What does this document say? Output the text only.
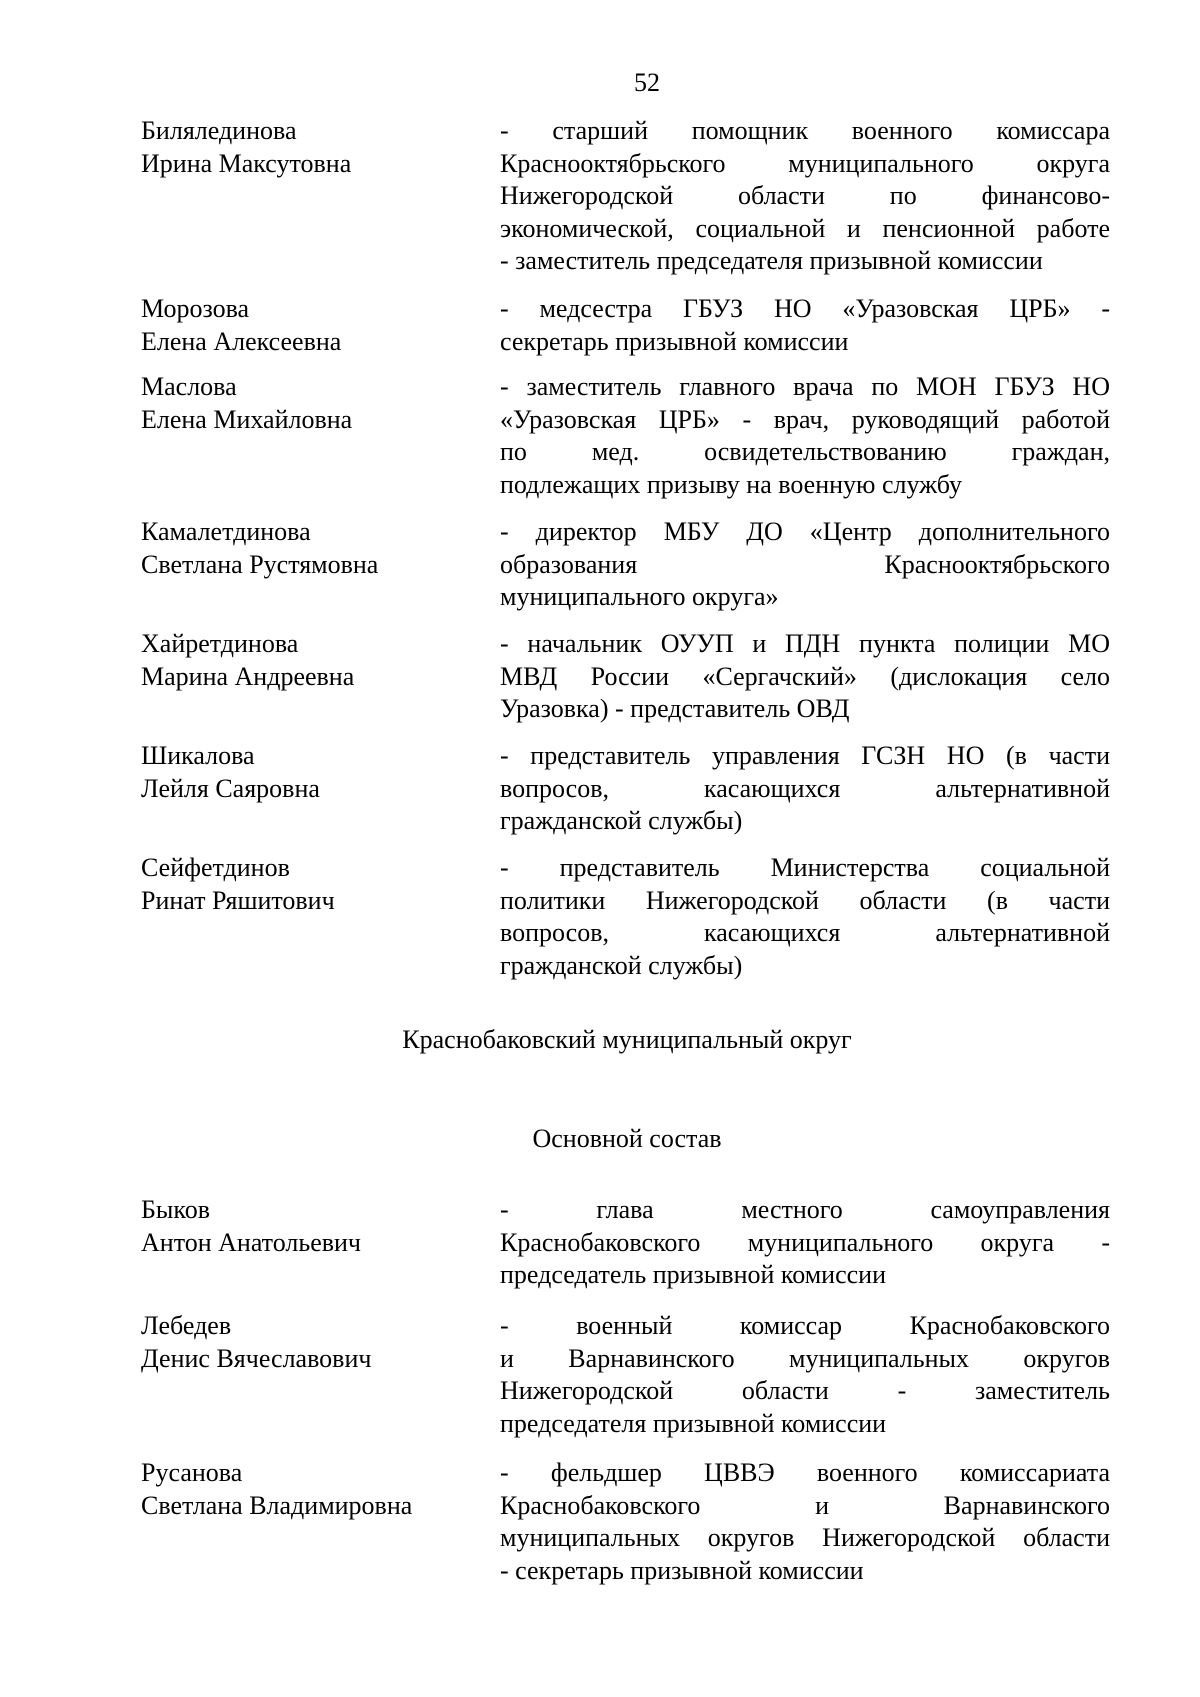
52
Билялединова
Ирина Максутовна
- старший помощник военного комиссара
Краснооктябрьского муниципального округа
Нижегородской области по финансово-
экономической, социальной и пенсионной работе
- заместитель председателя призывной комиссии
Морозова
Елена Алексеевна
- медсестра ГБУЗ НО «Уразовская ЦРБ» -
секретарь призывной комиссии
Маслова
Елена Михайловна
- заместитель главного врача по МОН ГБУЗ НО
«Уразовская ЦРБ» - врач, руководящий работой
по мед. освидетельствованию граждан,
подлежащих призыву на военную службу
Камалетдинова
Светлана Рустямовна
- директор МБУ ДО «Центр дополнительного
образования Краснооктябрьского
муниципального округа»
Хайретдинова
Марина Андреевна
- начальник ОУУП и ПДН пункта полиции МО
МВД России «Сергачский» (дислокация село
Уразовка) - представитель ОВД
Шикалова
Лейля Саяровна
- представитель управления ГСЗН НО (в части
вопросов, касающихся альтернативной
гражданской службы)
Сейфетдинов
Ринат Ряшитович
- представитель Министерства социальной
политики Нижегородской области (в части
вопросов, касающихся альтернативной
гражданской службы)
Краснобаковский муниципальный округ
Основной состав
Быков
Антон Анатольевич
- глава местного самоуправления
Краснобаковского муниципального округа -
председатель призывной комиссии
Лебедев
Денис Вячеславович
- военный комиссар Краснобаковского
и Варнавинского муниципальных округов
Нижегородской области - заместитель
председателя призывной комиссии
Русанова
Светлана Владимировна
- фельдшер ЦВВЭ военного комиссариата
Краснобаковского и Варнавинского
муниципальных округов Нижегородской области
- секретарь призывной комиссии
